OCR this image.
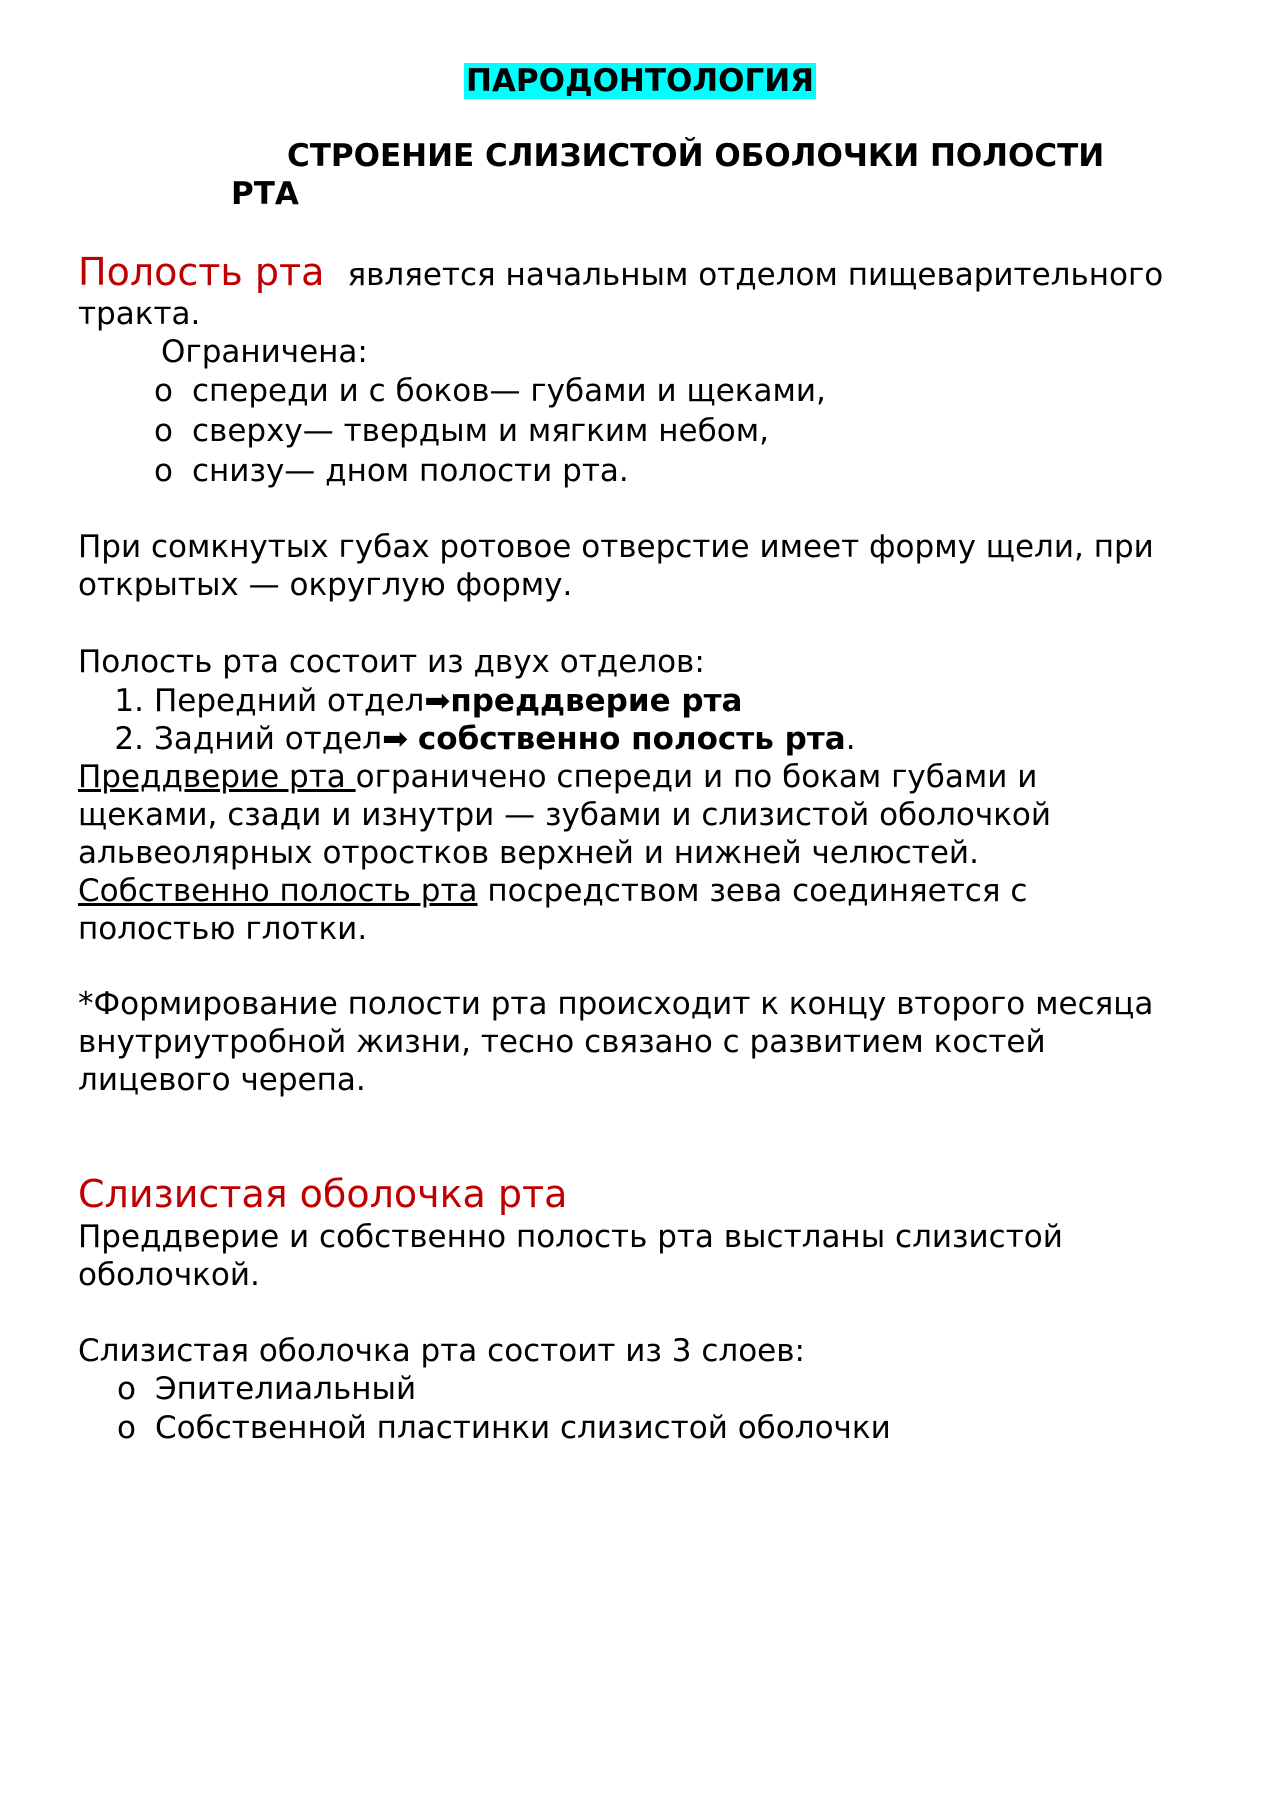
ПАРОДОНТОЛОГИЯ
СТРОЕНИЕ СЛИЗИСТОЙ ОБОЛОЧКИ ПОЛОСТИ
РТА
Полость рта является начальным отделом пищеварительного
тракта.
Ограничена:
o спереди и с боков— губами и щеками,
o сверху— твердым и мягким небом,
o снизу— дном полости рта.
При сомкнутых губах ротовое отверстие имеет форму щели, при
открытых — округлую форму.
Полость рта состоит из двух отделов:
1. Передний отдел➡преддверие рта
2. Задний отдел➡ собственно полость рта.
Преддверие рта ограничено спереди и по бокам губами и
щеками, сзади и изнутри — зубами и слизистой оболочкой
альвеолярных отростков верхней и нижней челюстей.
Собственно полость рта посредством зева соединяется с
полостью глотки.
*Формирование полости рта происходит к концу второго месяца
внутриутробной жизни, тесно связано с развитием костей
лицевого черепа.
Слизистая оболочка рта
Преддверие и собственно полость рта выстланы слизистой
оболочкой.
Слизистая оболочка рта состоит из 3 слоев:
o Эпителиальный
o Собственной пластинки слизистой оболочки
